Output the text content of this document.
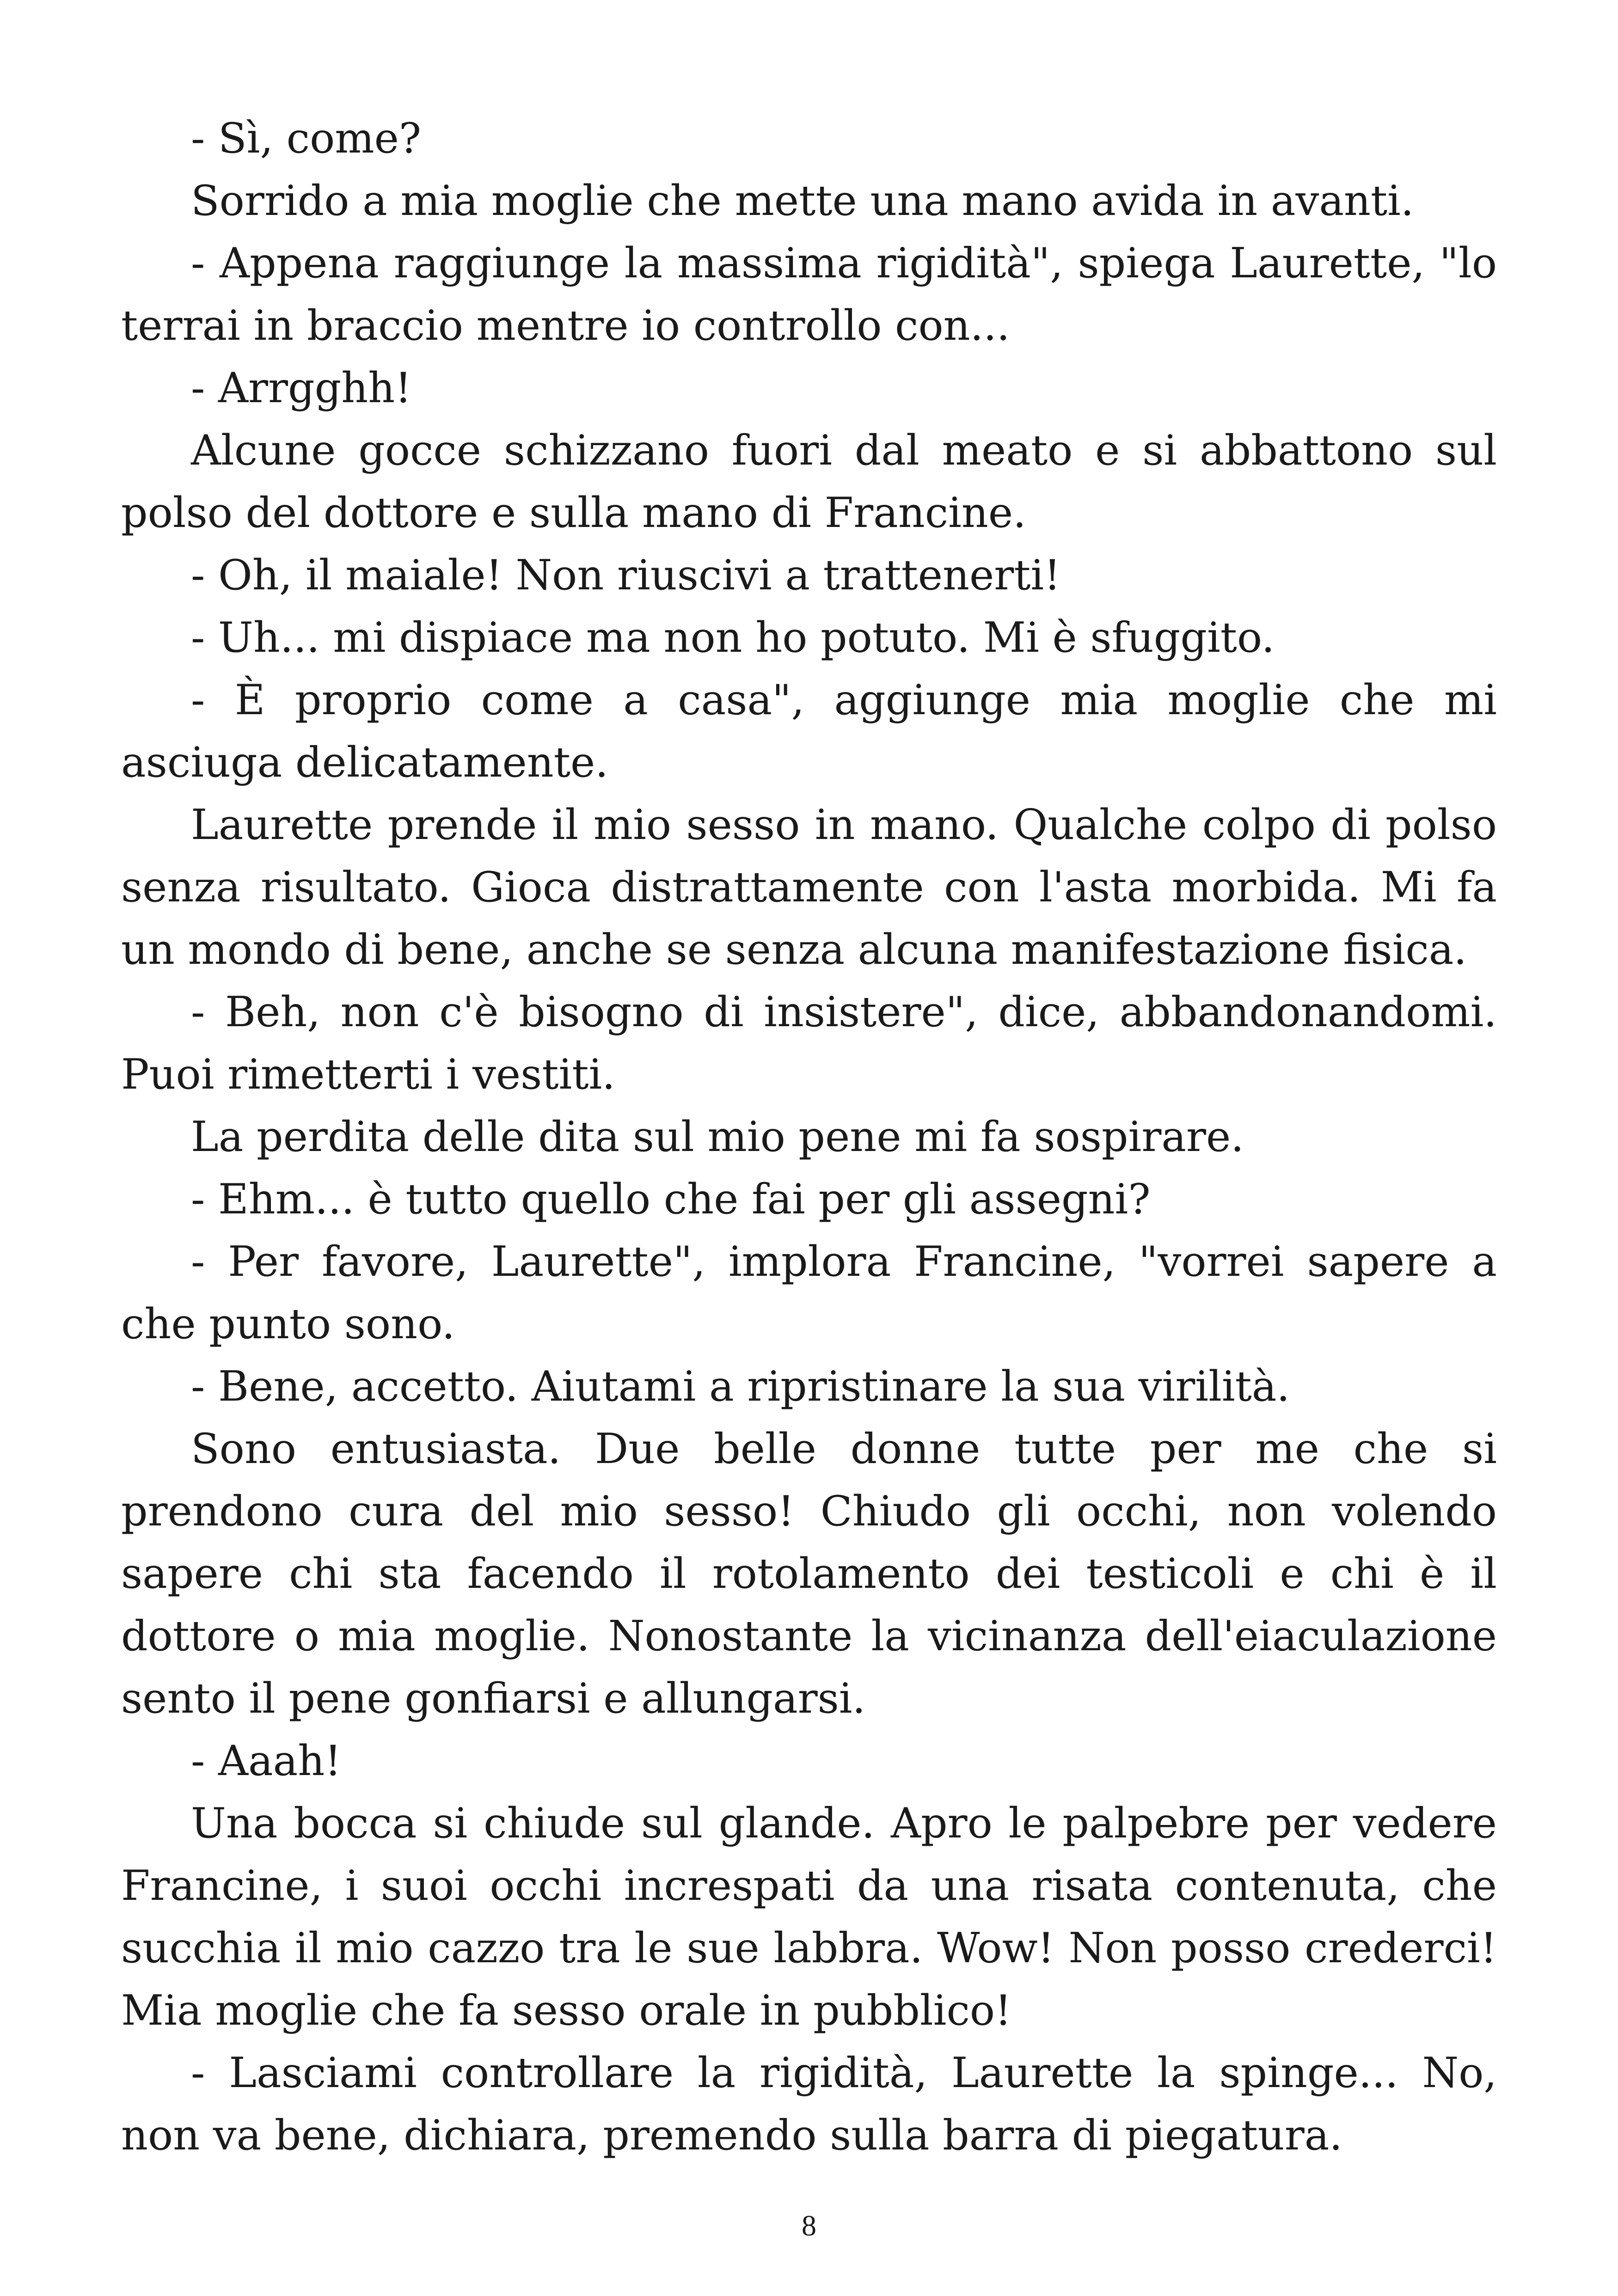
- Sì, come?

Sorrido a mia moglie che mette una mano avida in avanti.

- Appena raggiunge la massima rigidità", spiega Laurette, "lo terrai in braccio mentre io controllo con...

- Arrgghh!

Alcune gocce schizzano fuori dal meato e si abbattono sul polso del dottore e sulla mano di Francine.

- Oh, il maiale! Non riuscivi a trattenerti!

- Uh... mi dispiace ma non ho potuto. Mi è sfuggito.

- È proprio come a casa", aggiunge mia moglie che mi asciuga delicatamente.

Laurette prende il mio sesso in mano. Qualche colpo di polso senza risultato. Gioca distrattamente con l'asta morbida. Mi fa un mondo di bene, anche se senza alcuna manifestazione fisica.

- Beh, non c'è bisogno di insistere", dice, abbandonandomi. Puoi rimetterti i vestiti.

La perdita delle dita sul mio pene mi fa sospirare.

- Ehm... è tutto quello che fai per gli assegni?

- Per favore, Laurette", implora Francine, "vorrei sapere a che punto sono.

- Bene, accetto. Aiutami a ripristinare la sua virilità.

Sono entusiasta. Due belle donne tutte per me che si prendono cura del mio sesso! Chiudo gli occhi, non volendo sapere chi sta facendo il rotolamento dei testicoli e chi è il dottore o mia moglie. Nonostante la vicinanza dell'eiaculazione sento il pene gonfiarsi e allungarsi.

- Aaah!

Una bocca si chiude sul glande. Apro le palpebre per vedere Francine, i suoi occhi increspati da una risata contenuta, che succhia il mio cazzo tra le sue labbra. Wow! Non posso crederci! Mia moglie che fa sesso orale in pubblico!

- Lasciami controllare la rigidità, Laurette la spinge... No, non va bene, dichiara, premendo sulla barra di piegatura.

8
